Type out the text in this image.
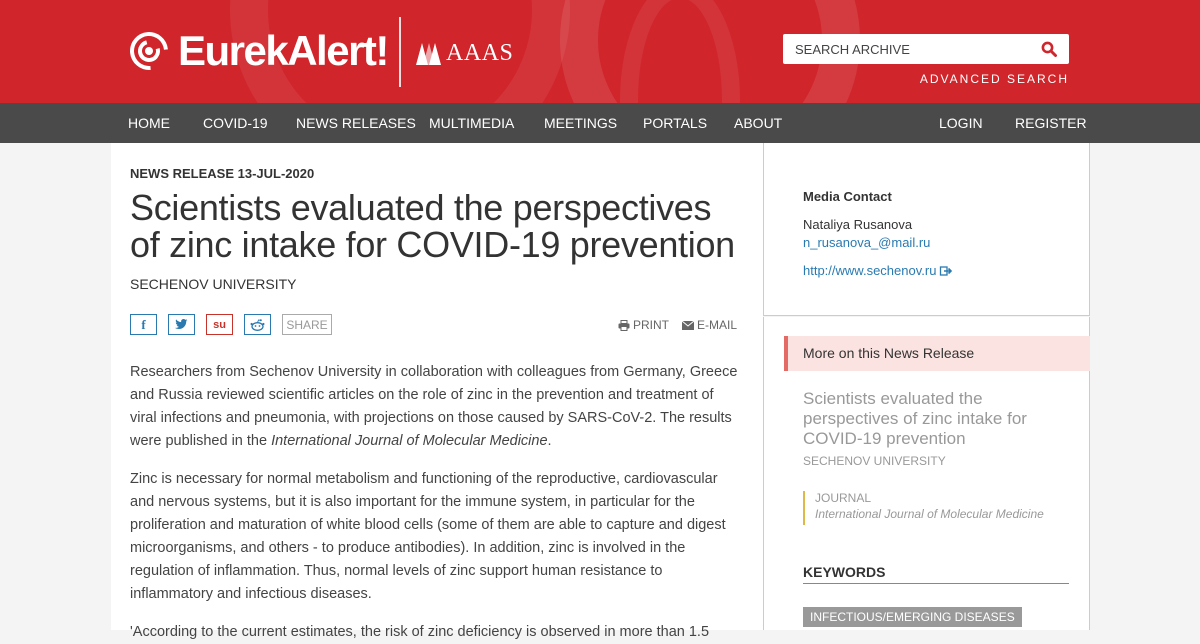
EurekAlert! AAAS
SEARCH ARCHIVE
ADVANCED SEARCH
HOME COVID-19 NEWS RELEASES MULTIMEDIA MEETINGS PORTALS ABOUT	LOGIN REGISTER
NEWS RELEASE 13-JUL-2020
Scientists evaluated the perspectives of zinc intake for COVID-19 prevention
SECHENOV UNIVERSITY
f	su	SHARE	PRINT E-MAIL

Researchers from Sechenov University in collaboration with colleagues from Germany, Greece and Russia reviewed scientific articles on the role of zinc in the prevention and treatment of viral infections and pneumonia, with projections on those caused by SARS-CoV-2. The results were published in the International Journal of Molecular Medicine.

Zinc is necessary for normal metabolism and functioning of the reproductive, cardiovascular and nervous systems, but it is also important for the immune system, in particular for the proliferation and maturation of white blood cells (some of them are able to capture and digest microorganisms, and others - to produce antibodies). In addition, zinc is involved in the regulation of inflammation. Thus, normal levels of zinc support human resistance to inflammatory and infectious diseases.

'According to the current estimates, the risk of zinc deficiency is observed in more than 1.5

Media Contact
Nataliya Rusanova
n_rusanova_@mail.ru
http://www.sechenov.ru
More on this News Release
Scientists evaluated the perspectives of zinc intake for COVID-19 prevention
SECHENOV UNIVERSITY
JOURNAL
International Journal of Molecular Medicine
KEYWORDS
INFECTIOUS/EMERGING DISEASES
